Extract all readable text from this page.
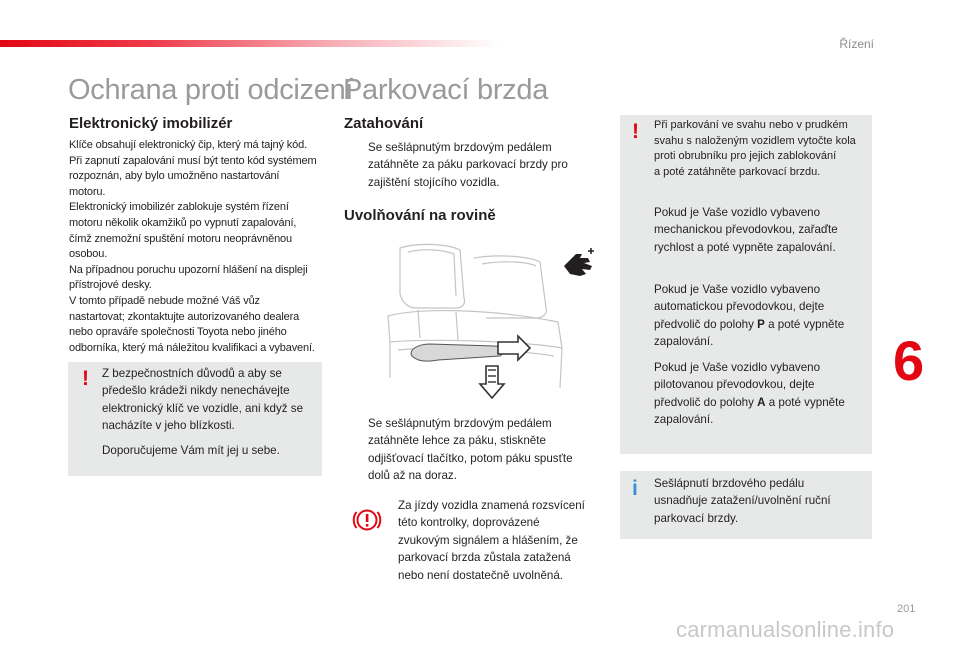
Řízení
Ochrana proti odcizení
Elektronický imobilizér
Klíče obsahují elektronický čip, který má tajný kód.
Při zapnutí zapalování musí být tento kód systémem
rozpoznán, aby bylo umožněno nastartování
motoru.
Elektronický imobilizér zablokuje systém řízení
motoru několik okamžiků po vypnutí zapalování,
čímž znemožní spuštění motoru neoprávněnou
osobou.
Na případnou poruchu upozorní hlášení na displeji
přístrojové desky.
V tomto případě nebude možné Váš vůz
nastartovat; zkontaktujte autorizovaného dealera
nebo opraváře společnosti Toyota nebo jiného
odborníka, který má náležitou kvalifikaci a vybavení.
! Z bezpečnostních důvodů a aby se
předešlo krádeži nikdy nenechávejte
elektronický klíč ve vozidle, ani když se
nacházíte v jeho blízkosti.
Doporučujeme Vám mít jej u sebe.
Parkovací brzda
Zatahování
Se sešlápnutým brzdovým pedálem
zatáhněte za páku parkovací brzdy pro
zajištění stojícího vozidla.
Uvolňování na rovině
Se sešlápnutým brzdovým pedálem
zatáhněte lehce za páku, stiskněte
odjišťovací tlačítko, potom páku spusťte
dolů až na doraz.
Za jízdy vozidla znamená rozsvícení
této kontrolky, doprovázené
zvukovým signálem a hlášením, že
parkovací brzda zůstala zatažená
nebo není dostatečně uvolněná.
! Při parkování ve svahu nebo v prudkém
svahu s naloženým vozidlem vytočte kola
proti obrubníku pro jejich zablokování
a poté zatáhněte parkovací brzdu.
Pokud je Vaše vozidlo vybaveno
mechanickou převodovkou, zařaďte
rychlost a poté vypněte zapalování.
Pokud je Vaše vozidlo vybaveno
automatickou převodovkou, dejte
předvolič do polohy P a poté vypněte
zapalování.
Pokud je Vaše vozidlo vybaveno
pilotovanou převodovkou, dejte
předvolič do polohy A a poté vypněte
zapalování.
i Sešlápnutí brzdového pedálu
usnadňuje zatažení/uvolnění ruční
parkovací brzdy.
6
201
carmanualsonline.info
